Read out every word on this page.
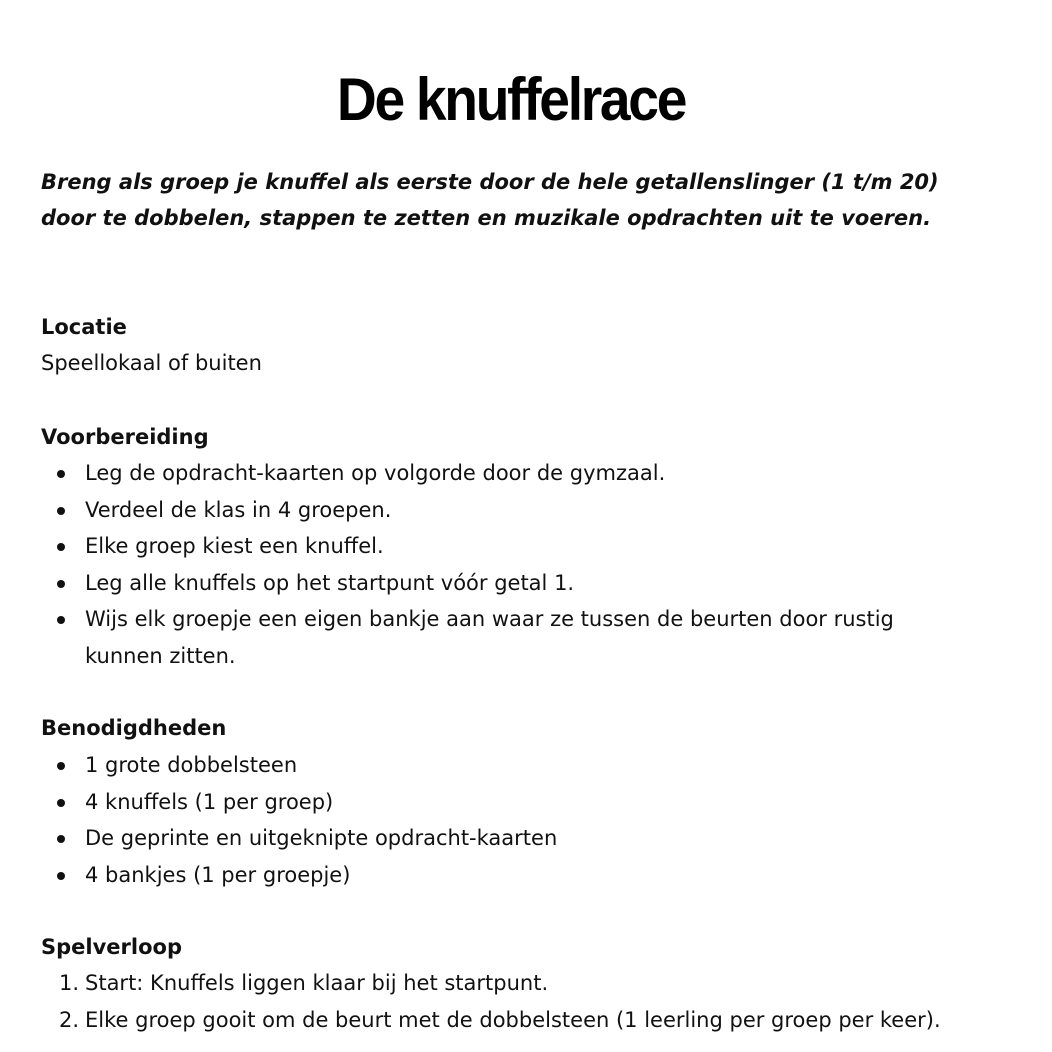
De knuffelrace

Breng als groep je knuffel als eerste door de hele getallenslinger (1 t/m 20) door te dobbelen, stappen te zetten en muzikale opdrachten uit te voeren.

Locatie

Speellokaal of buiten

Voorbereiding
Leg de opdracht-kaarten op volgorde door de gymzaal.
Verdeel de klas in 4 groepen.
Elke groep kiest een knuffel.
Leg alle knuffels op het startpunt vóór getal 1.
Wijs elk groepje een eigen bankje aan waar ze tussen de beurten door rustig kunnen zitten.
Benodigdheden
1 grote dobbelsteen
4 knuffels (1 per groep)
De geprinte en uitgeknipte opdracht-kaarten
4 bankjes (1 per groepje)
Spelverloop
1. Start: Knuffels liggen klaar bij het startpunt.
2. Elke groep gooit om de beurt met de dobbelsteen (1 leerling per groep per keer).
